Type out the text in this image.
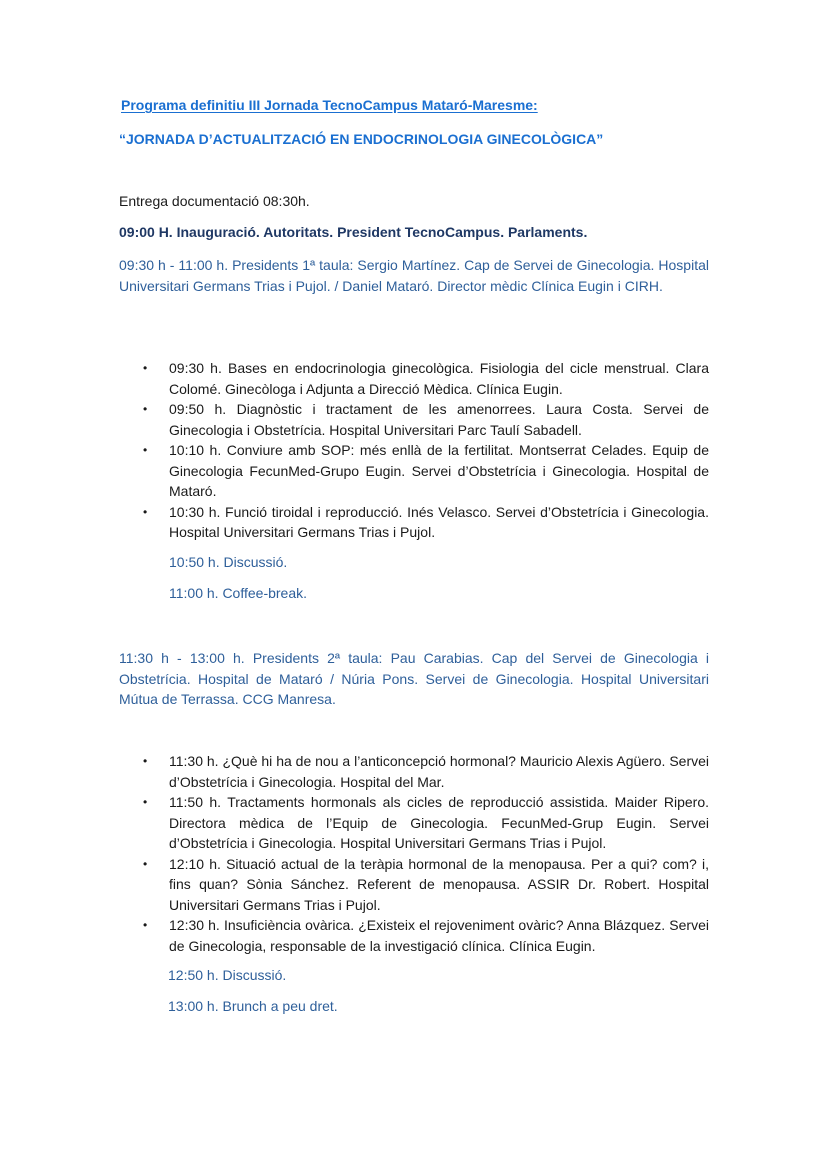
Programa definitiu III Jornada TecnoCampus Mataró-Maresme:

“JORNADA D’ACTUALITZACIÓ EN ENDOCRINOLOGIA GINECOLÒGICA”

Entrega documentació 08:30h.

09:00 H. Inauguració. Autoritats. President TecnoCampus. Parlaments.

09:30 h - 11:00 h. Presidents 1ª taula: Sergio Martínez. Cap de Servei de Ginecologia. Hospital Universitari Germans Trias i Pujol. / Daniel Mataró. Director mèdic Clínica Eugin i CIRH.

• 09:30 h. Bases en endocrinologia ginecològica. Fisiologia del cicle menstrual. Clara Colomé. Ginecòloga i Adjunta a Direcció Mèdica. Clínica Eugin.
• 09:50 h. Diagnòstic i tractament de les amenorrees. Laura Costa. Servei de Ginecologia i Obstetrícia. Hospital Universitari Parc Taulí Sabadell.
• 10:10 h. Conviure amb SOP: més enllà de la fertilitat. Montserrat Celades. Equip de Ginecologia FecunMed-Grupo Eugin. Servei d’Obstetrícia i Ginecologia. Hospital de Mataró.
• 10:30 h. Funció tiroidal i reproducció. Inés Velasco. Servei d’Obstetrícia i Ginecologia. Hospital Universitari Germans Trias i Pujol.

10:50 h. Discussió.

11:00 h. Coffee-break.

11:30 h - 13:00 h. Presidents 2ª taula: Pau Carabias. Cap del Servei de Ginecologia i Obstetrícia. Hospital de Mataró / Núria Pons. Servei de Ginecologia. Hospital Universitari Mútua de Terrassa. CCG Manresa.

• 11:30 h. ¿Què hi ha de nou a l’anticoncepció hormonal? Mauricio Alexis Agüero. Servei d’Obstetrícia i Ginecologia. Hospital del Mar.
• 11:50 h. Tractaments hormonals als cicles de reproducció assistida. Maider Ripero. Directora mèdica de l’Equip de Ginecologia. FecunMed-Grup Eugin. Servei d’Obstetrícia i Ginecologia. Hospital Universitari Germans Trias i Pujol.
• 12:10 h. Situació actual de la teràpia hormonal de la menopausa. Per a qui? com? i, fins quan? Sònia Sánchez. Referent de menopausa. ASSIR Dr. Robert. Hospital Universitari Germans Trias i Pujol.
• 12:30 h. Insuficiència ovàrica. ¿Existeix el rejoveniment ovàric? Anna Blázquez. Servei de Ginecologia, responsable de la investigació clínica. Clínica Eugin.

12:50 h. Discussió.

13:00 h. Brunch a peu dret.
